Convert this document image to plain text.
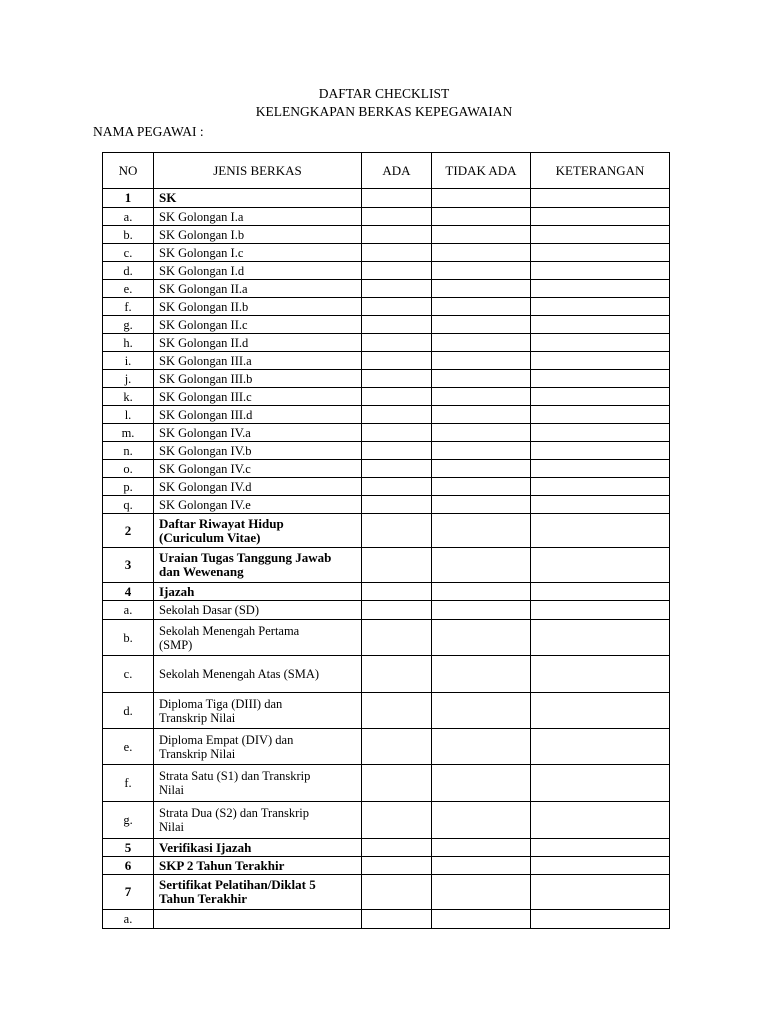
DAFTAR CHECKLIST
KELENGKAPAN BERKAS KEPEGAWAIAN
NAMA PEGAWAI :
NO	JENIS BERKAS	ADA	TIDAK ADA	KETERANGAN
1	SK			

a.	SK Golongan I.a			

b.	SK Golongan I.b			

c.	SK Golongan I.c			

d.	SK Golongan I.d			

e.	SK Golongan II.a			

f.	SK Golongan II.b			

g.	SK Golongan II.c			

h.	SK Golongan II.d			

i.	SK Golongan III.a			

j.	SK Golongan III.b			

k.	SK Golongan III.c			

l.	SK Golongan III.d			

m.	SK Golongan IV.a			

n.	SK Golongan IV.b			

o.	SK Golongan IV.c			

p.	SK Golongan IV.d			

q.	SK Golongan IV.e			

2	Daftar Riwayat Hidup
(Curiculum Vitae)			

3	Uraian Tugas Tanggung Jawab
dan Wewenang			

4	Ijazah			

a.	Sekolah Dasar (SD)			

b.	Sekolah Menengah Pertama
(SMP)			

c.	Sekolah Menengah Atas (SMA)			

d.	Diploma Tiga (DIII) dan
Transkrip Nilai			

e.	Diploma Empat (DIV) dan
Transkrip Nilai			

f.	Strata Satu (S1) dan Transkrip
Nilai			

g.	Strata Dua (S2) dan Transkrip
Nilai			

5	Verifikasi Ijazah			

6	SKP 2 Tahun Terakhir			

7	Sertifikat Pelatihan/Diklat 5
Tahun Terakhir			

a.	
